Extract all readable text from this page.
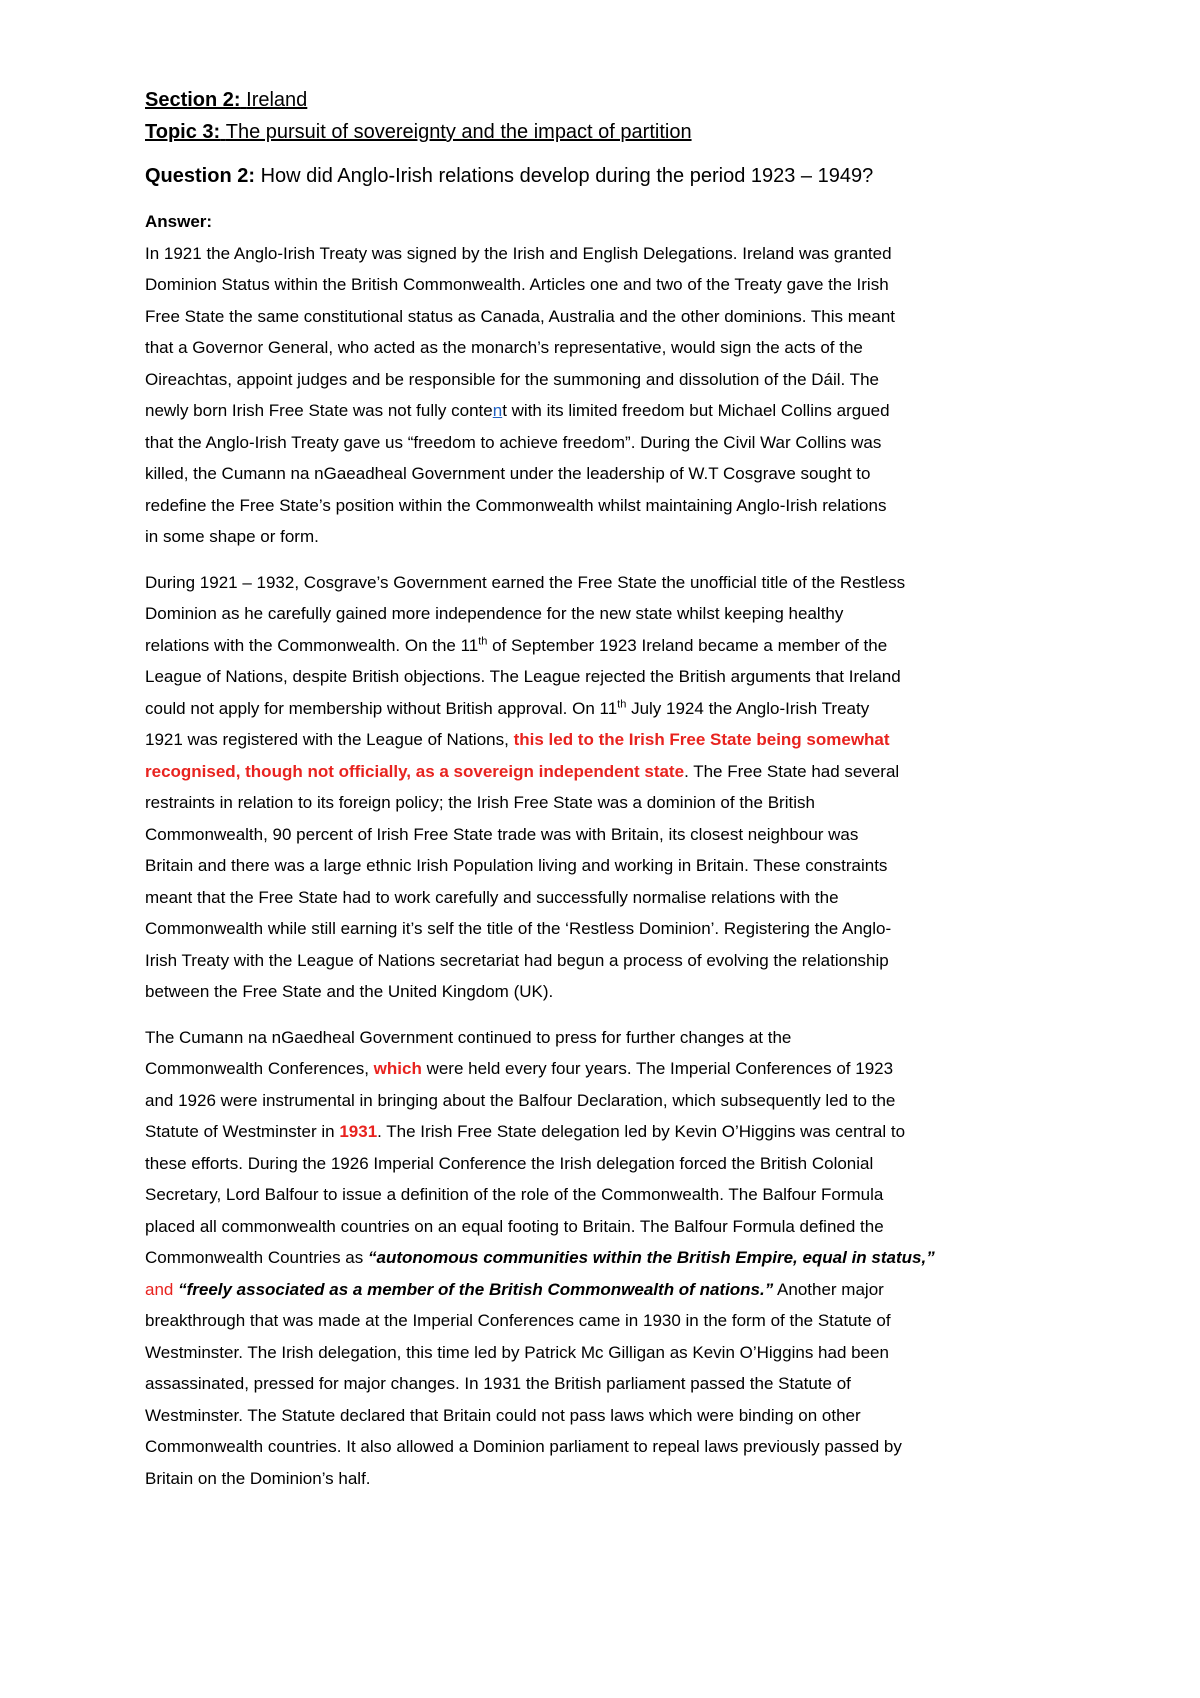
Section 2: Ireland
Topic 3: The pursuit of sovereignty and the impact of partition
Question 2: How did Anglo-Irish relations develop during the period 1923 – 1949?
Answer:

In 1921 the Anglo-Irish Treaty was signed by the Irish and English Delegations. Ireland was granted
Dominion Status within the British Commonwealth. Articles one and two of the Treaty gave the Irish
Free State the same constitutional status as Canada, Australia and the other dominions. This meant
that a Governor General, who acted as the monarch’s representative, would sign the acts of the
Oireachtas, appoint judges and be responsible for the summoning and dissolution of the Dáil. The
newly born Irish Free State was not fully content with its limited freedom but Michael Collins argued
that the Anglo-Irish Treaty gave us “freedom to achieve freedom”. During the Civil War Collins was
killed, the Cumann na nGaeadheal Government under the leadership of W.T Cosgrave sought to
redefine the Free State’s position within the Commonwealth whilst maintaining Anglo-Irish relations
in some shape or form.

During 1921 – 1932, Cosgrave’s Government earned the Free State the unofficial title of the Restless
Dominion as he carefully gained more independence for the new state whilst keeping healthy
relations with the Commonwealth. On the 11th of September 1923 Ireland became a member of the
League of Nations, despite British objections. The League rejected the British arguments that Ireland
could not apply for membership without British approval. On 11th July 1924 the Anglo-Irish Treaty
1921 was registered with the League of Nations, this led to the Irish Free State being somewhat
recognised, though not officially, as a sovereign independent state. The Free State had several
restraints in relation to its foreign policy; the Irish Free State was a dominion of the British
Commonwealth, 90 percent of Irish Free State trade was with Britain, its closest neighbour was
Britain and there was a large ethnic Irish Population living and working in Britain. These constraints
meant that the Free State had to work carefully and successfully normalise relations with the
Commonwealth while still earning it’s self the title of the ‘Restless Dominion’. Registering the Anglo-
Irish Treaty with the League of Nations secretariat had begun a process of evolving the relationship
between the Free State and the United Kingdom (UK).

The Cumann na nGaedheal Government continued to press for further changes at the
Commonwealth Conferences, which were held every four years. The Imperial Conferences of 1923
and 1926 were instrumental in bringing about the Balfour Declaration, which subsequently led to the
Statute of Westminster in 1931. The Irish Free State delegation led by Kevin O’Higgins was central to
these efforts. During the 1926 Imperial Conference the Irish delegation forced the British Colonial
Secretary, Lord Balfour to issue a definition of the role of the Commonwealth. The Balfour Formula
placed all commonwealth countries on an equal footing to Britain. The Balfour Formula defined the
Commonwealth Countries as “autonomous communities within the British Empire, equal in status,”
and “freely associated as a member of the British Commonwealth of nations.” Another major
breakthrough that was made at the Imperial Conferences came in 1930 in the form of the Statute of
Westminster. The Irish delegation, this time led by Patrick Mc Gilligan as Kevin O’Higgins had been
assassinated, pressed for major changes. In 1931 the British parliament passed the Statute of
Westminster. The Statute declared that Britain could not pass laws which were binding on other
Commonwealth countries. It also allowed a Dominion parliament to repeal laws previously passed by
Britain on the Dominion’s half.
